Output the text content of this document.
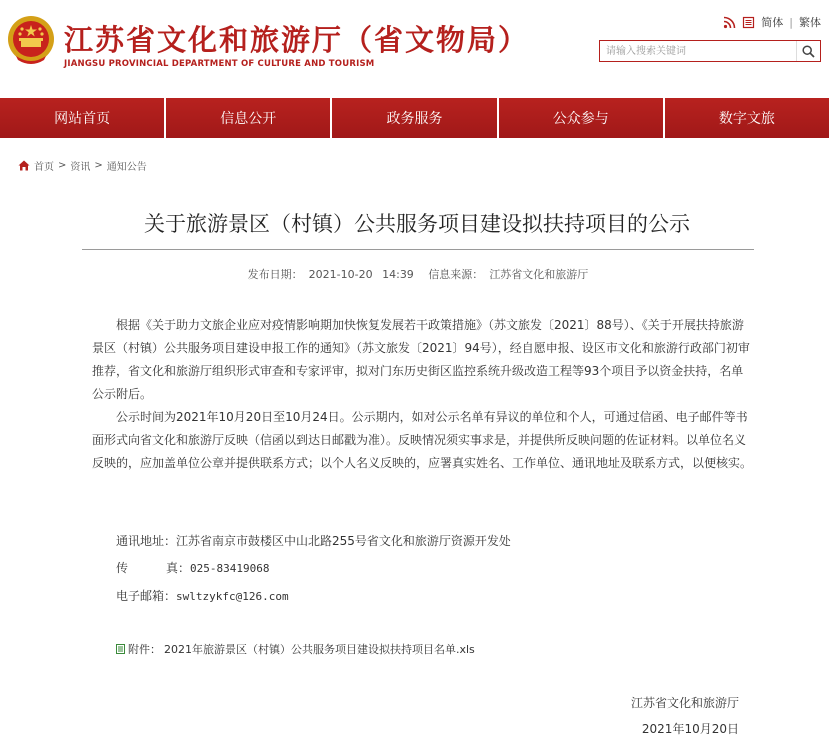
江苏省文化和旅游厅（省文物局）
JIANGSU PROVINCIAL DEPARTMENT OF CULTURE AND TOURISM
简体 | 繁体
请输入搜索关键词
网站首页	信息公开	政务服务	公众参与	数字文旅
首页 > 资讯 > 通知公告
关于旅游景区（村镇）公共服务项目建设拟扶持项目的公示
发布日期： 2021-10-20 14:39 信息来源： 江苏省文化和旅游厅

根据《关于助力文旅企业应对疫情影响期加快恢复发展若干政策措施》（苏文旅发〔2021〕88号）、《关于开展扶持旅游景区（村镇）公共服务项目建设申报工作的通知》（苏文旅发〔2021〕94号），经自愿申报、设区市文化和旅游行政部门初审推荐，省文化和旅游厅组织形式审查和专家评审，拟对门东历史街区监控系统升级改造工程等93个项目予以资金扶持，名单公示附后。

公示时间为2021年10月20日至10月24日。公示期内，如对公示名单有异议的单位和个人，可通过信函、电子邮件等书面形式向省文化和旅游厅反映（信函以到达日邮戳为准）。反映情况须实事求是，并提供所反映问题的佐证材料。以单位名义反映的，应加盖单位公章并提供联系方式；以个人名义反映的，应署真实姓名、工作单位、通讯地址及联系方式，以便核实。

通讯地址：江苏省南京市鼓楼区中山北路255号省文化和旅游厅资源开发处
传	真：025-83419068
电子邮箱：swltzykfc@126.com
附件： 2021年旅游景区（村镇）公共服务项目建设拟扶持项目名单.xls
江苏省文化和旅游厅
2021年10月20日
